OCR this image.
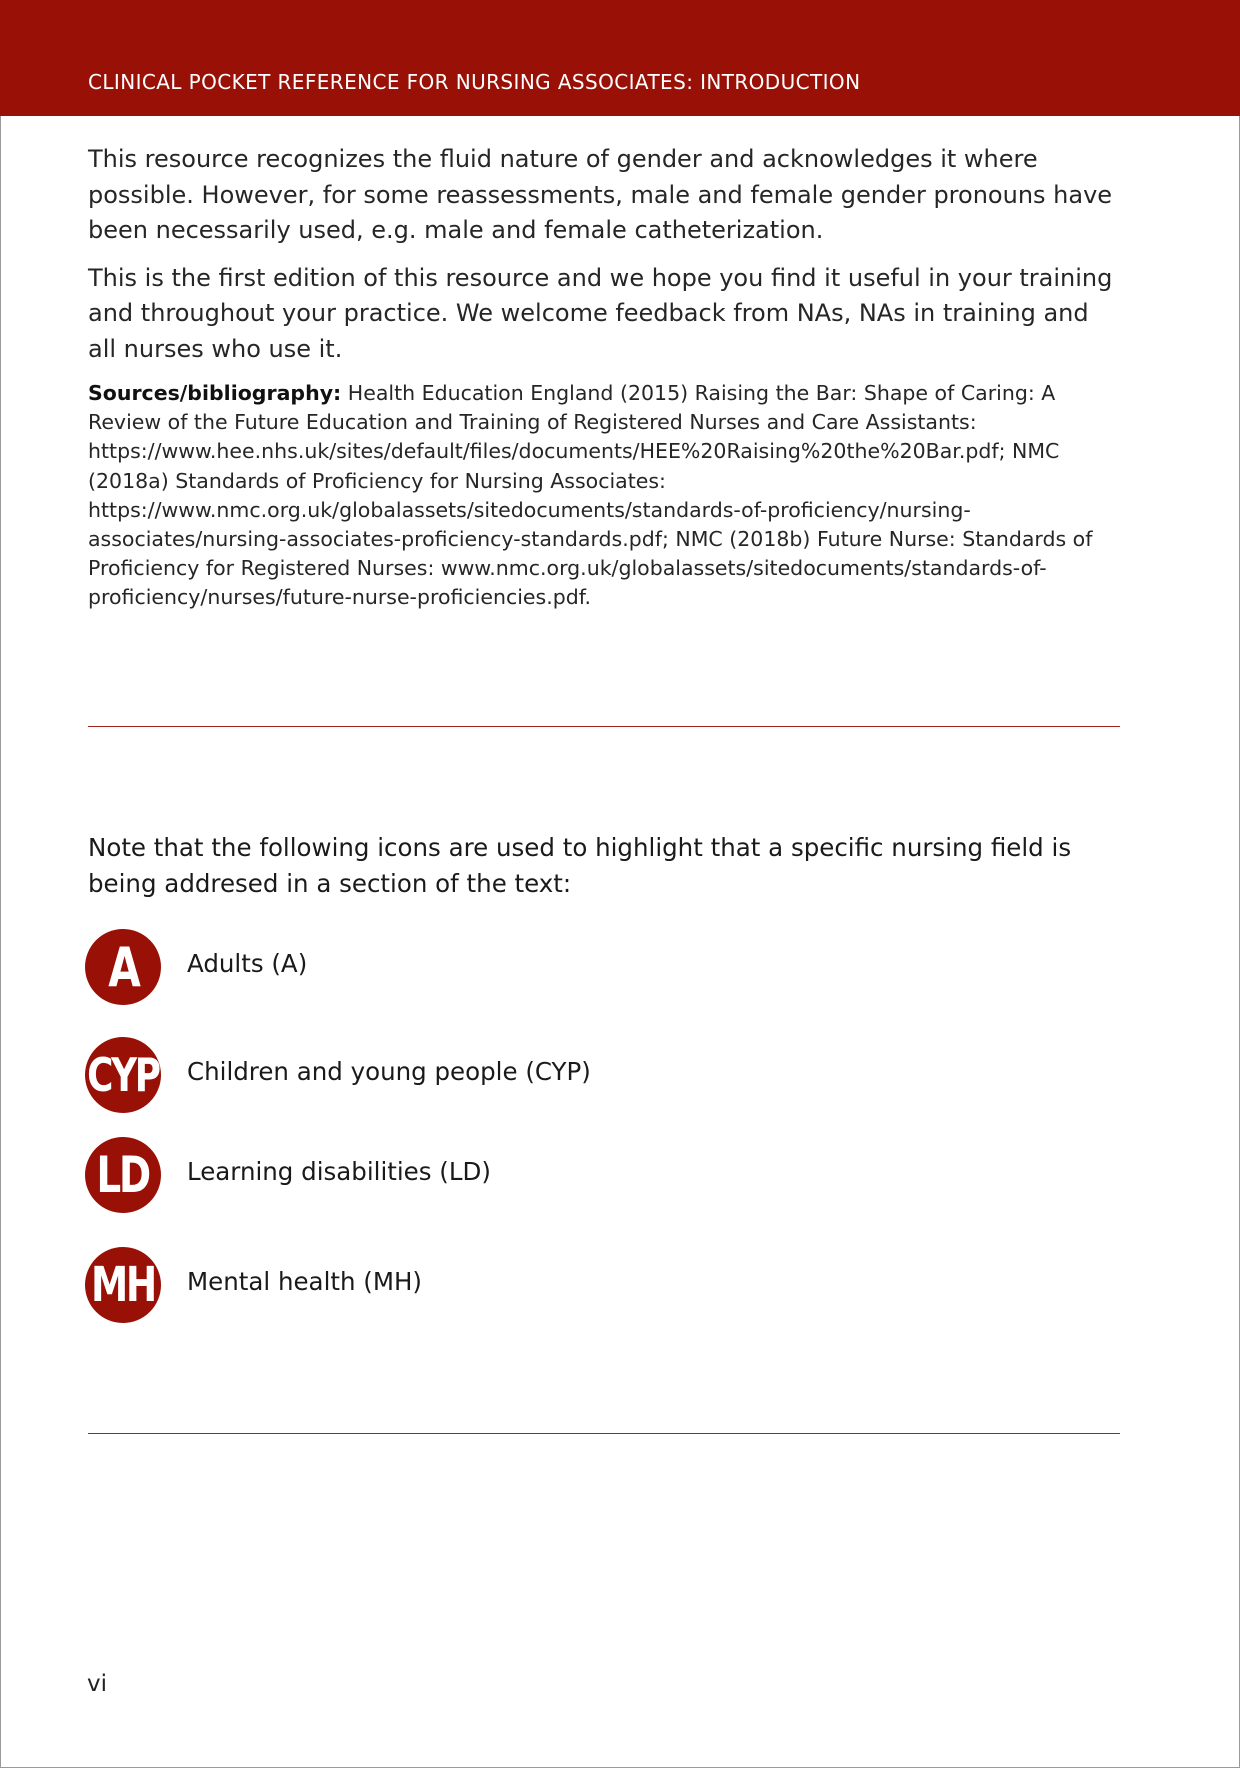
CLINICAL POCKET REFERENCE FOR NURSING ASSOCIATES: INTRODUCTION

This resource recognizes the fluid nature of gender and acknowledges it where possible. However, for some reassessments, male and female gender pronouns have been necessarily used, e.g. male and female catheterization.

This is the first edition of this resource and we hope you find it useful in your training and throughout your practice. We welcome feedback from NAs, NAs in training and all nurses who use it.

Sources/bibliography: Health Education England (2015) Raising the Bar: Shape of Caring: A Review of the Future Education and Training of Registered Nurses and Care Assistants: https://www.hee.nhs.uk/sites/default/files/documents/HEE%20Raising%20the%20Bar.pdf; NMC (2018a) Standards of Proficiency for Nursing Associates: https://www.nmc.org.uk/globalassets/sitedocuments/standards-of-proficiency/nursing-associates/nursing-associates-proficiency-standards.pdf; NMC (2018b) Future Nurse: Standards of Proficiency for Registered Nurses: www.nmc.org.uk/globalassets/sitedocuments/standards-of-proficiency/nurses/future-nurse-proficiencies.pdf.

Note that the following icons are used to highlight that a specific nursing field is being addresed in a section of the text:

A Adults (A)
CYP Children and young people (CYP)
LD Learning disabilities (LD)
MH Mental health (MH)
vi
